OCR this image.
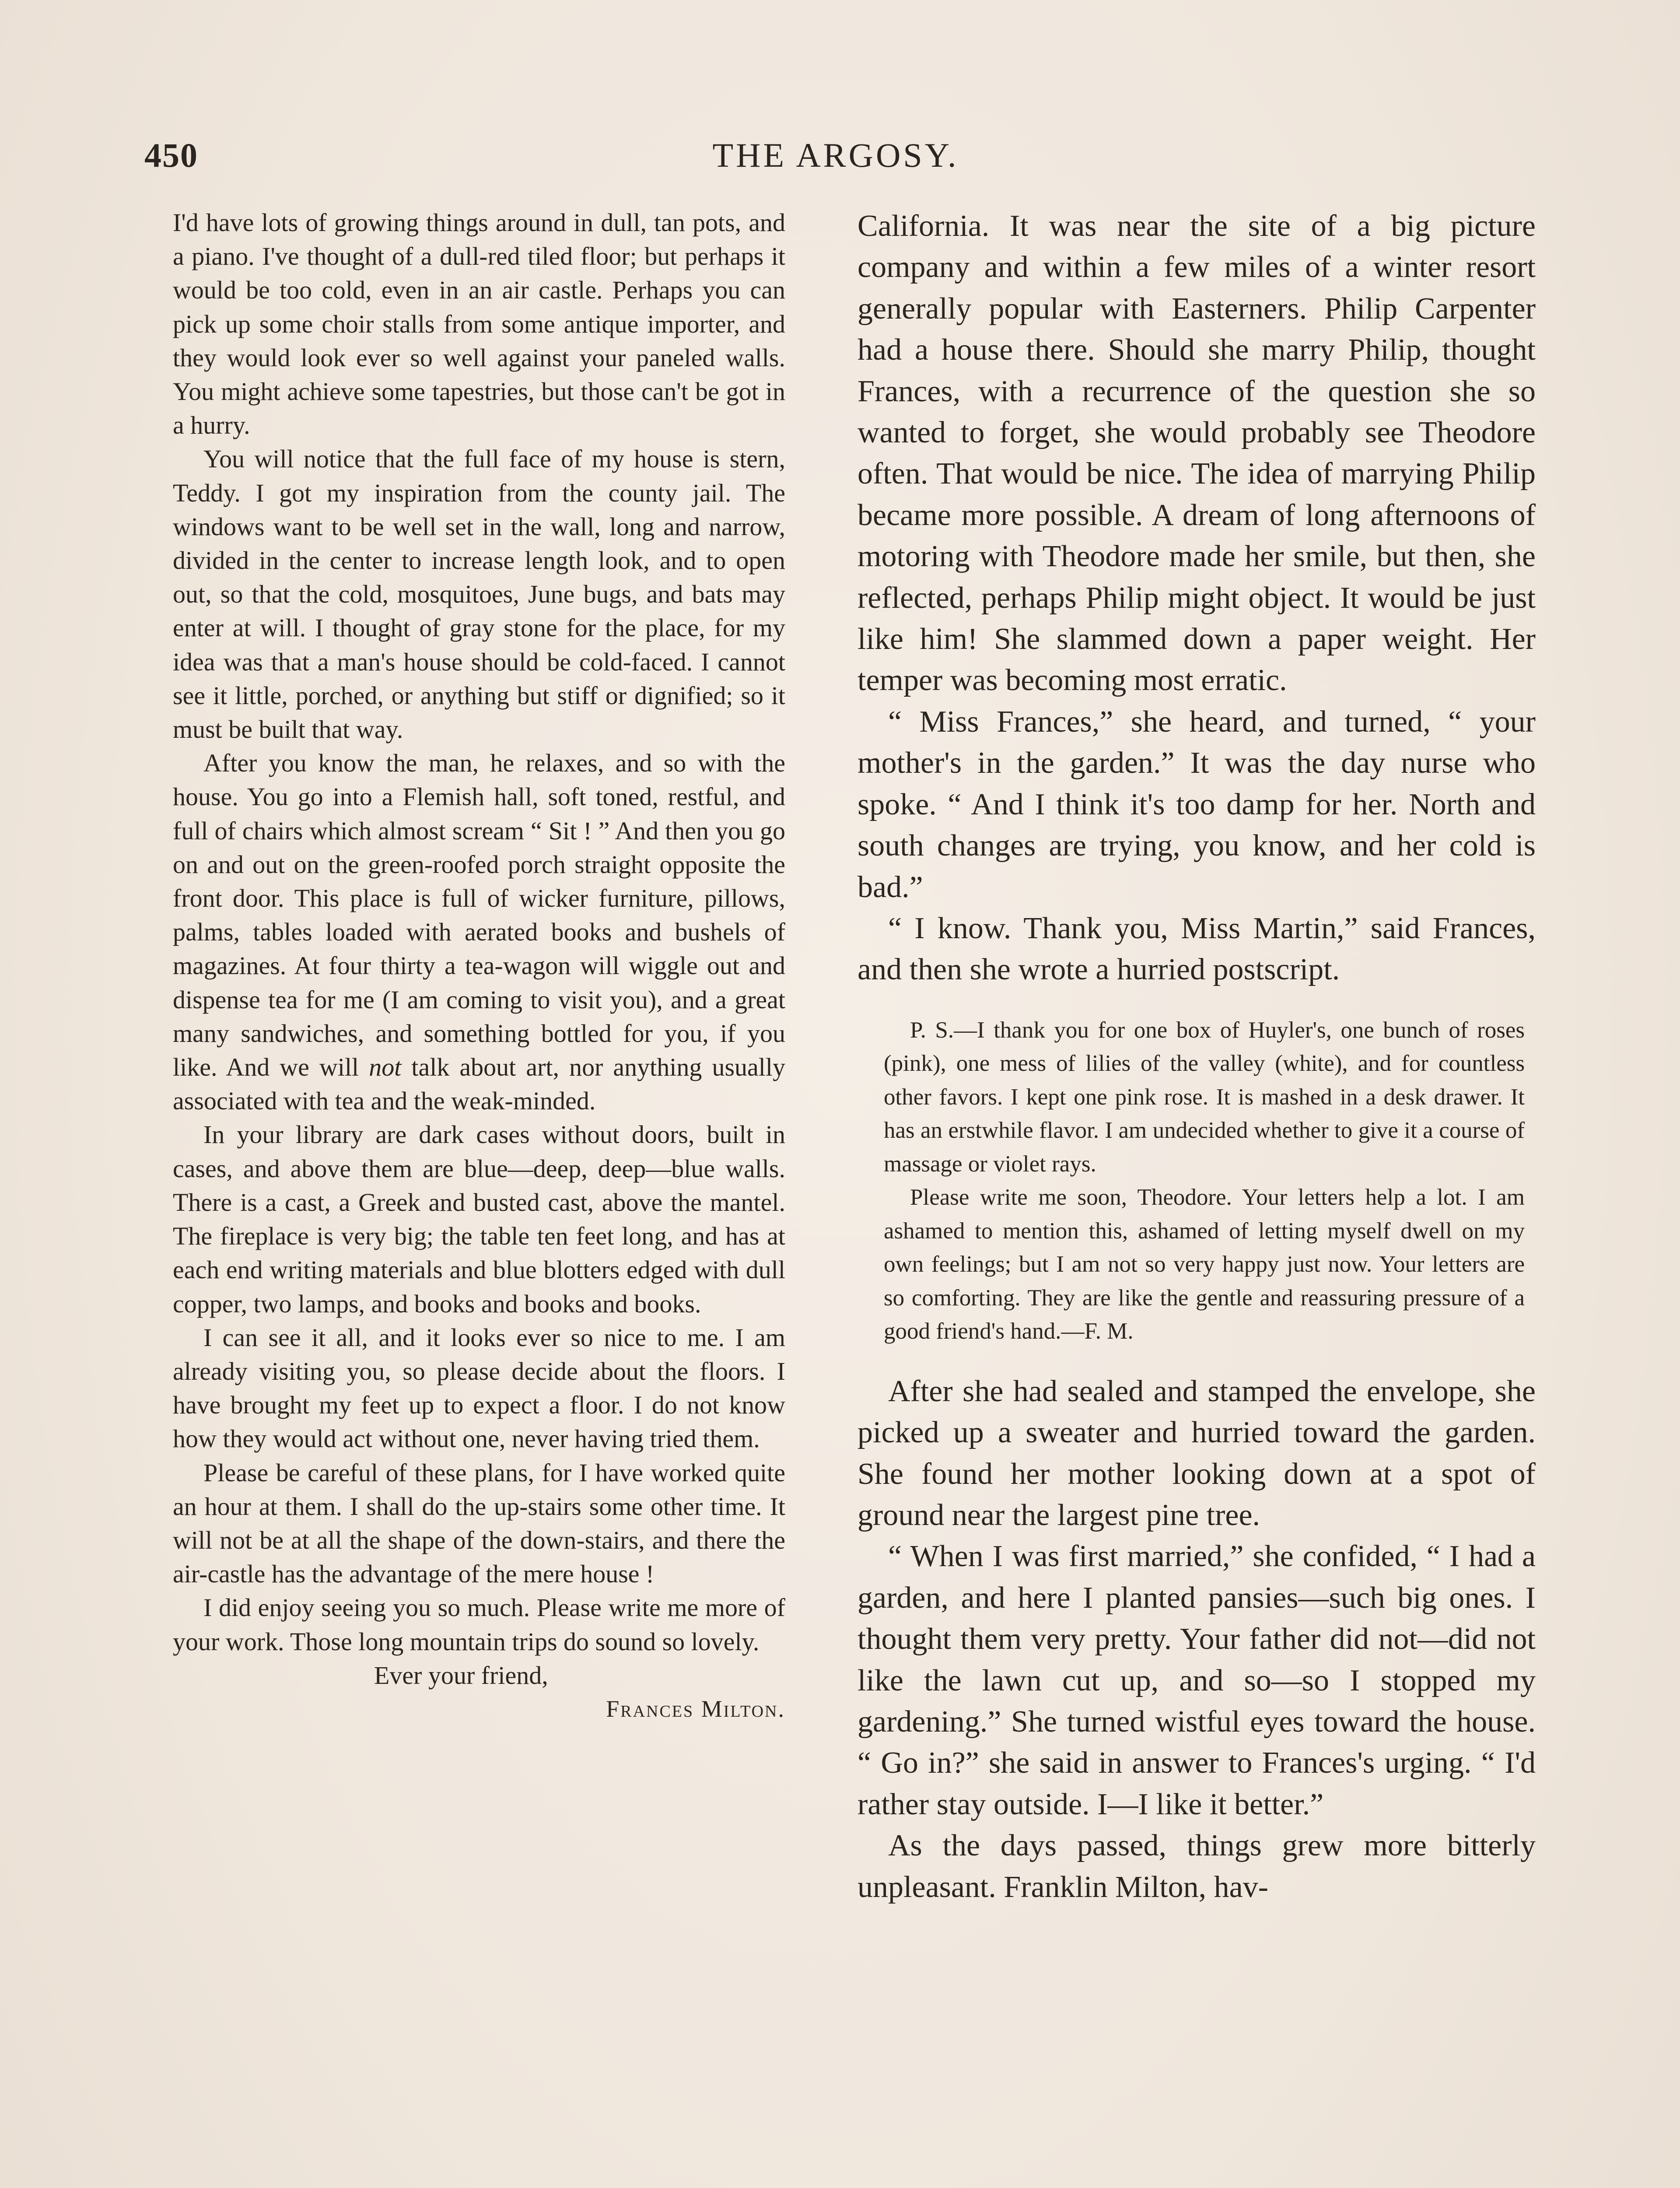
450	THE ARGOSY.

I'd have lots of growing things around in dull, tan pots, and a piano. I've thought of a dull-red tiled floor; but perhaps it would be too cold, even in an air castle. Perhaps you can pick up some choir stalls from some antique importer, and they would look ever so well against your paneled walls. You might achieve some tapestries, but those can't be got in a hurry.

You will notice that the full face of my house is stern, Teddy. I got my inspiration from the county jail. The windows want to be well set in the wall, long and narrow, divided in the center to increase length look, and to open out, so that the cold, mosquitoes, June bugs, and bats may enter at will. I thought of gray stone for the place, for my idea was that a man's house should be cold-faced. I cannot see it little, porched, or anything but stiff or dignified; so it must be built that way.

After you know the man, he relaxes, and so with the house. You go into a Flemish hall, soft toned, restful, and full of chairs which almost scream “ Sit ! ” And then you go on and out on the green-roofed porch straight opposite the front door. This place is full of wicker furniture, pillows, palms, tables loaded with aerated books and bushels of magazines. At four thirty a tea-wagon will wiggle out and dispense tea for me (I am coming to visit you), and a great many sandwiches, and something bottled for you, if you like. And we will not talk about art, nor anything usually associated with tea and the weak-minded.

In your library are dark cases without doors, built in cases, and above them are blue—deep, deep—blue walls. There is a cast, a Greek and busted cast, above the mantel. The fireplace is very big; the table ten feet long, and has at each end writing materials and blue blotters edged with dull copper, two lamps, and books and books and books.

I can see it all, and it looks ever so nice to me. I am already visiting you, so please decide about the floors. I have brought my feet up to expect a floor. I do not know how they would act without one, never having tried them.

Please be careful of these plans, for I have worked quite an hour at them. I shall do the up-stairs some other time. It will not be at all the shape of the down-stairs, and there the air-castle has the advantage of the mere house !

I did enjoy seeing you so much. Please write me more of your work. Those long mountain trips do sound so lovely.

Ever your friend,

Frances Milton.

California. It was near the site of a big picture company and within a few miles of a winter resort generally popular with Easterners. Philip Carpenter had a house there. Should she marry Philip, thought Frances, with a recurrence of the question she so wanted to forget, she would probably see Theodore often. That would be nice. The idea of marrying Philip became more possible. A dream of long afternoons of motoring with Theodore made her smile, but then, she reflected, perhaps Philip might object. It would be just like him! She slammed down a paper weight. Her temper was becoming most erratic.

“ Miss Frances,” she heard, and turned, “ your mother's in the garden.” It was the day nurse who spoke. “ And I think it's too damp for her. North and south changes are trying, you know, and her cold is bad.”

“ I know. Thank you, Miss Martin,” said Frances, and then she wrote a hurried postscript.

P. S.—I thank you for one box of Huyler's, one bunch of roses (pink), one mess of lilies of the valley (white), and for countless other favors. I kept one pink rose. It is mashed in a desk drawer. It has an erstwhile flavor. I am undecided whether to give it a course of massage or violet rays.

Please write me soon, Theodore. Your letters help a lot. I am ashamed to mention this, ashamed of letting myself dwell on my own feelings; but I am not so very happy just now. Your letters are so comforting. They are like the gentle and reassuring pressure of a good friend's hand.—F. M.

After she had sealed and stamped the envelope, she picked up a sweater and hurried toward the garden. She found her mother looking down at a spot of ground near the largest pine tree.

“ When I was first married,” she confided, “ I had a garden, and here I planted pansies—such big ones. I thought them very pretty. Your father did not—did not like the lawn cut up, and so—so I stopped my gardening.” She turned wistful eyes toward the house. “ Go in?” she said in answer to Frances's urging. “ I'd rather stay outside. I—I like it better.”

As the days passed, things grew more bitterly unpleasant. Franklin Milton, hav-
